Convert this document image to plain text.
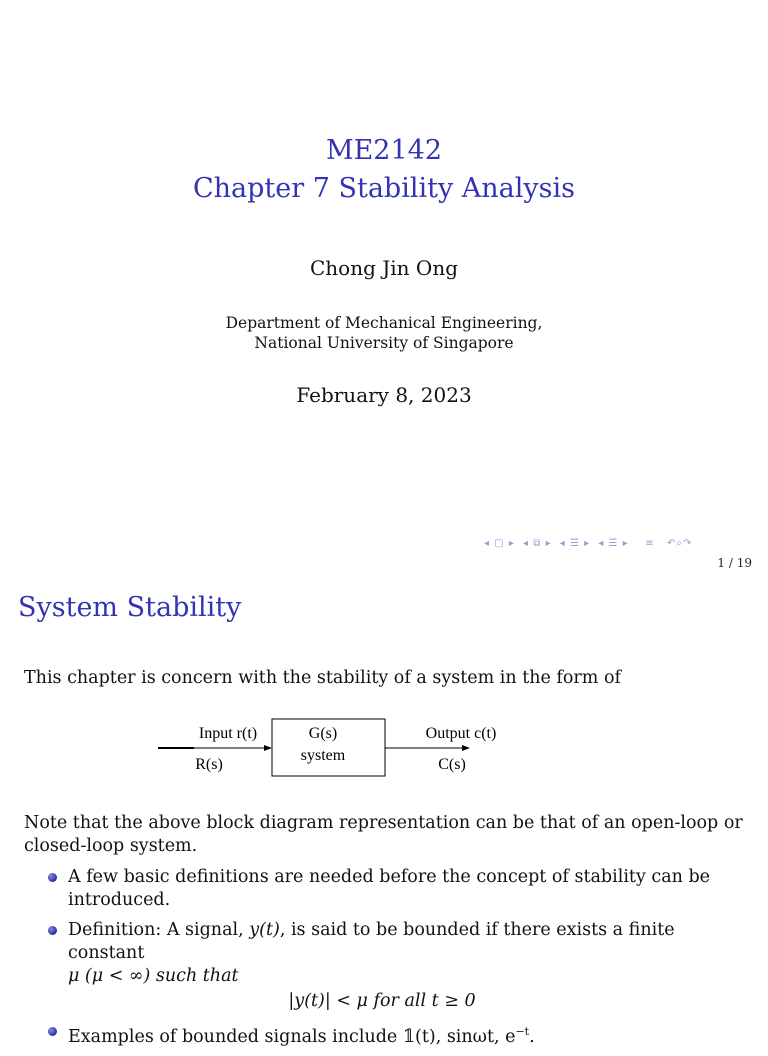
ME2142
Chapter 7 Stability Analysis
Chong Jin Ong
Department of Mechanical Engineering,
National University of Singapore
February 8, 2023
◂ ▢ ▸ ◂ ⧉ ▸ ◂ ☰ ▸ ◂ ☰ ▸   ≡  ↶⌕↷
1 / 19
System Stability
This chapter is concern with the stability of a system in the form of
Input r(t)
R(s)
G(s)
system
Output c(t)
C(s)
Note that the above block diagram representation can be that of an open-loop or closed-loop system.
A few basic definitions are needed before the concept of stability can be introduced.
Definition: A signal, y(t), is said to be bounded if there exists a finite constant
μ (μ < ∞) such that
|y(t)| < μ for all t ≥ 0
Examples of bounded signals include 𝟙(t), sinωt, $e^{-t}$.
